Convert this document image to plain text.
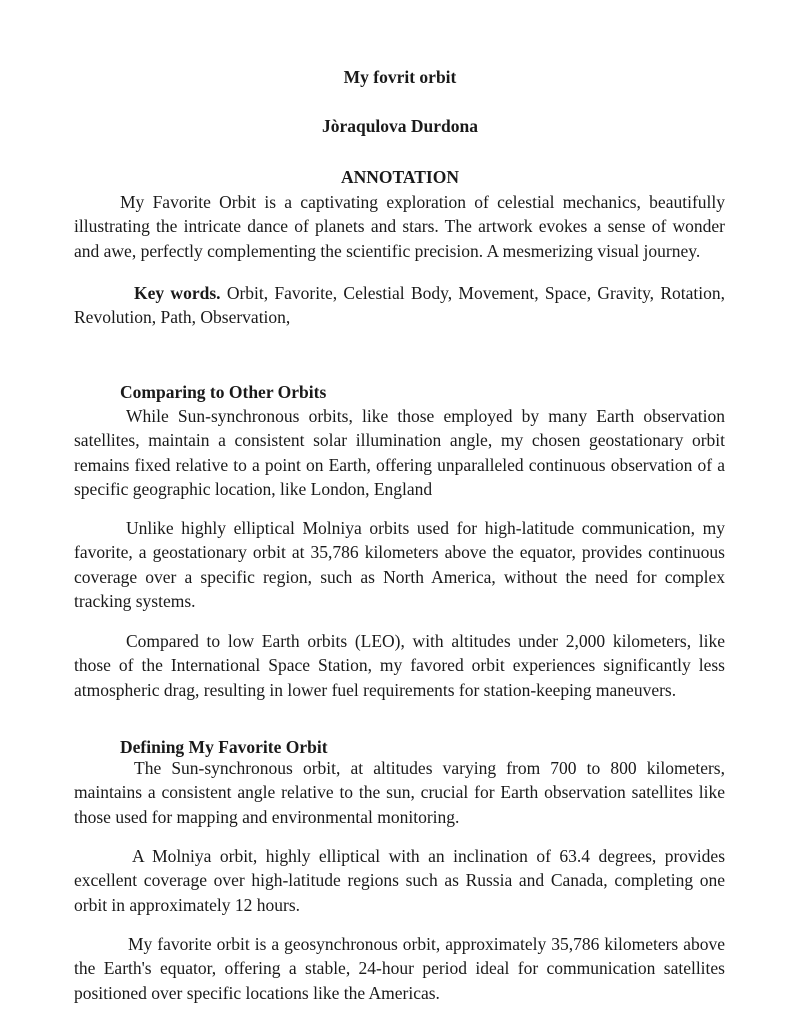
My fovrit orbit
Jòraqulova Durdona
ANNOTATION

My Favorite Orbit is a captivating exploration of celestial mechanics, beautifully illustrating the intricate dance of planets and stars. The artwork evokes a sense of wonder and awe, perfectly complementing the scientific precision. A mesmerizing visual journey.

Key words. Orbit, Favorite, Celestial Body, Movement, Space, Gravity, Rotation, Revolution, Path, Observation,

Comparing to Other Orbits

While Sun-synchronous orbits, like those employed by many Earth observation satellites, maintain a consistent solar illumination angle, my chosen geostationary orbit remains fixed relative to a point on Earth, offering unparalleled continuous observation of a specific geographic location, like London, England

Unlike highly elliptical Molniya orbits used for high-latitude communication, my favorite, a geostationary orbit at 35,786 kilometers above the equator, provides continuous coverage over a specific region, such as North America, without the need for complex tracking systems.

Compared to low Earth orbits (LEO), with altitudes under 2,000 kilometers, like those of the International Space Station, my favored orbit experiences significantly less atmospheric drag, resulting in lower fuel requirements for station-keeping maneuvers.

Defining My Favorite Orbit

The Sun-synchronous orbit, at altitudes varying from 700 to 800 kilometers, maintains a consistent angle relative to the sun, crucial for Earth observation satellites like those used for mapping and environmental monitoring.

A Molniya orbit, highly elliptical with an inclination of 63.4 degrees, provides excellent coverage over high-latitude regions such as Russia and Canada, completing one orbit in approximately 12 hours.

My favorite orbit is a geosynchronous orbit, approximately 35,786 kilometers above the Earth's equator, offering a stable, 24-hour period ideal for communication satellites positioned over specific locations like the Americas.
